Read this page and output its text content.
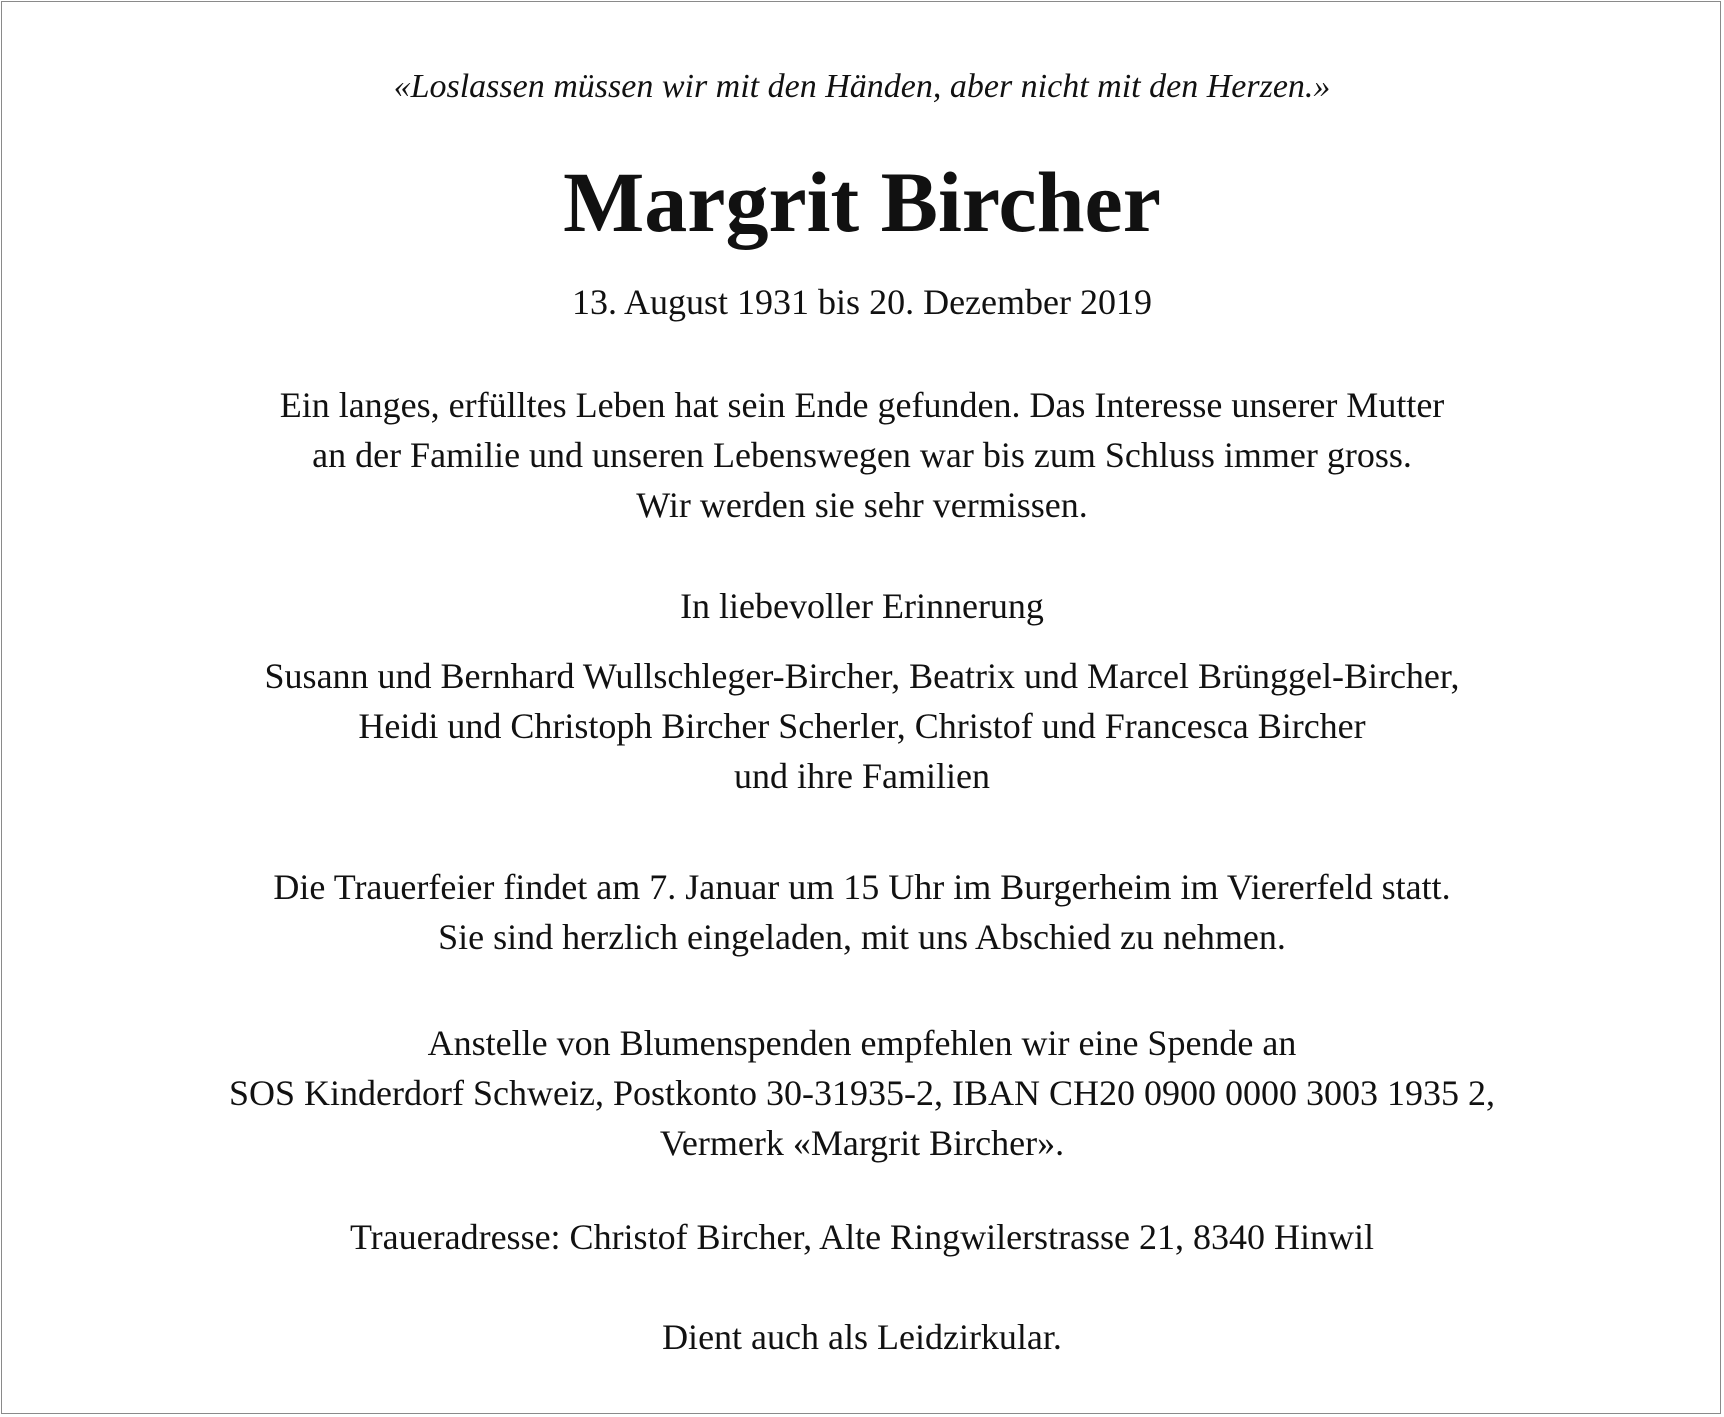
«Loslassen müssen wir mit den Händen, aber nicht mit den Herzen.»
Margrit Bircher
13. August 1931 bis 20. Dezember 2019
Ein langes, erfülltes Leben hat sein Ende gefunden. Das Interesse unserer Mutter
an der Familie und unseren Lebenswegen war bis zum Schluss immer gross.
Wir werden sie sehr vermissen.
In liebevoller Erinnerung
Susann und Bernhard Wullschleger-Bircher, Beatrix und Marcel Brünggel-Bircher,
Heidi und Christoph Bircher Scherler, Christof und Francesca Bircher
und ihre Familien
Die Trauerfeier findet am 7. Januar um 15 Uhr im Burgerheim im Viererfeld statt.
Sie sind herzlich eingeladen, mit uns Abschied zu nehmen.
Anstelle von Blumenspenden empfehlen wir eine Spende an
SOS Kinderdorf Schweiz, Postkonto 30-31935-2, IBAN CH20 0900 0000 3003 1935 2,
Vermerk «Margrit Bircher».
Traueradresse: Christof Bircher, Alte Ringwilerstrasse 21, 8340 Hinwil
Dient auch als Leidzirkular.
